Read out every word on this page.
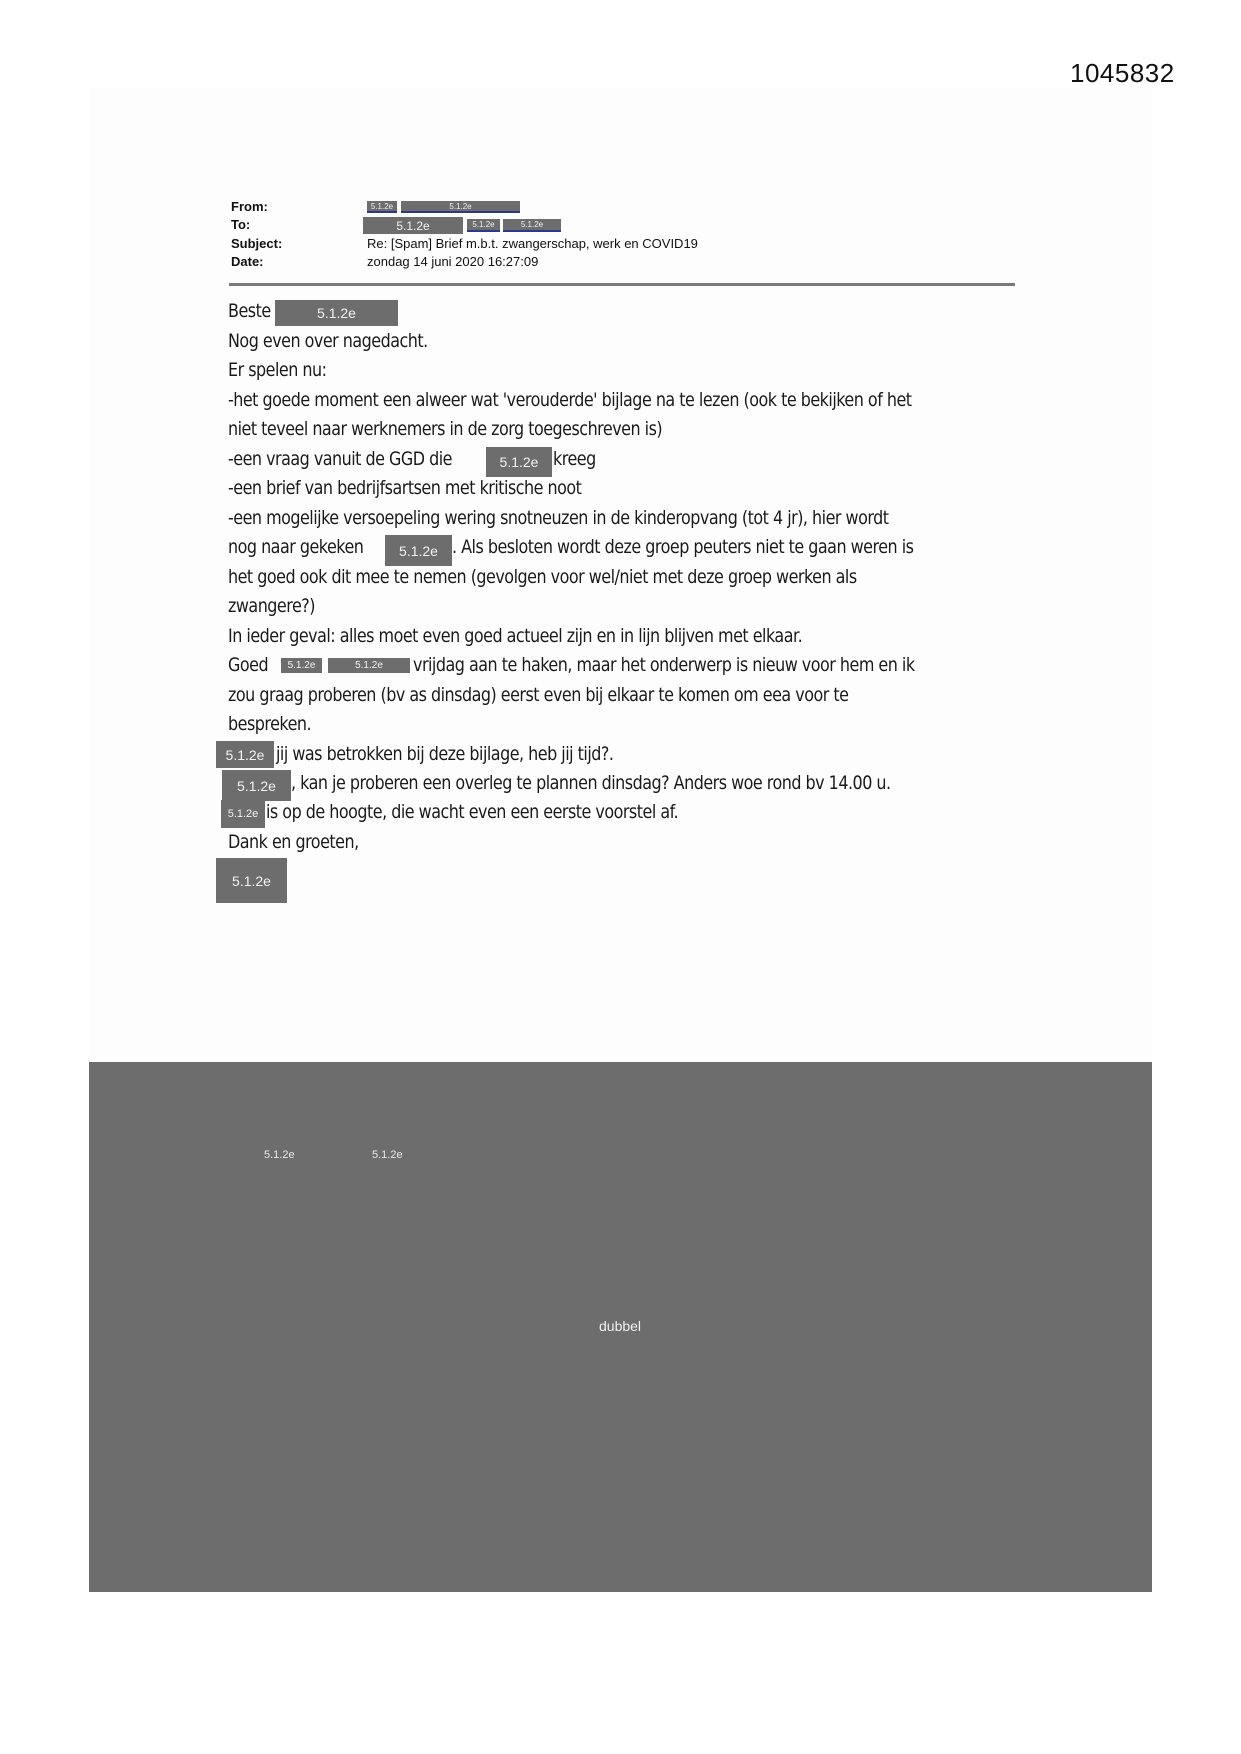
1045832
From:	5.1.2e	5.1.2e
To:	5.1.2e	5.1.2e	5.1.2e
Subject:	Re: [Spam] Brief m.b.t. zwangerschap, werk en COVID19
Date:	zondag 14 juni 2020 16:27:09
Beste	5.1.2e
Nog even over nagedacht.
Er spelen nu:
-het goede moment een alweer wat 'verouderde' bijlage na te lezen (ook te bekijken of het
niet teveel naar werknemers in de zorg toegeschreven is)
-een vraag vanuit de GGD die	5.1.2e kreeg
-een brief van bedrijfsartsen met kritische noot
-een mogelijke versoepeling wering snotneuzen in de kinderopvang (tot 4 jr), hier wordt
nog naar gekeken	5.1.2e . Als besloten wordt deze groep peuters niet te gaan weren is
het goed ook dit mee te nemen (gevolgen voor wel/niet met deze groep werken als
zwangere?)
In ieder geval: alles moet even goed actueel zijn en in lijn blijven met elkaar.
Goed	5.1.2e	5.1.2e	vrijdag aan te haken, maar het onderwerp is nieuw voor hem en ik
zou graag proberen (bv as dinsdag) eerst even bij elkaar te komen om eea voor te
bespreken.
5.1.2e jij was betrokken bij deze bijlage, heb jij tijd?.
5.1.2e , kan je proberen een overleg te plannen dinsdag? Anders woe rond bv 14.00 u.
5.1.2e is op de hoogte, die wacht even een eerste voorstel af.
Dank en groeten,
5.1.2e
5.1.2e	5.1.2e
dubbel
